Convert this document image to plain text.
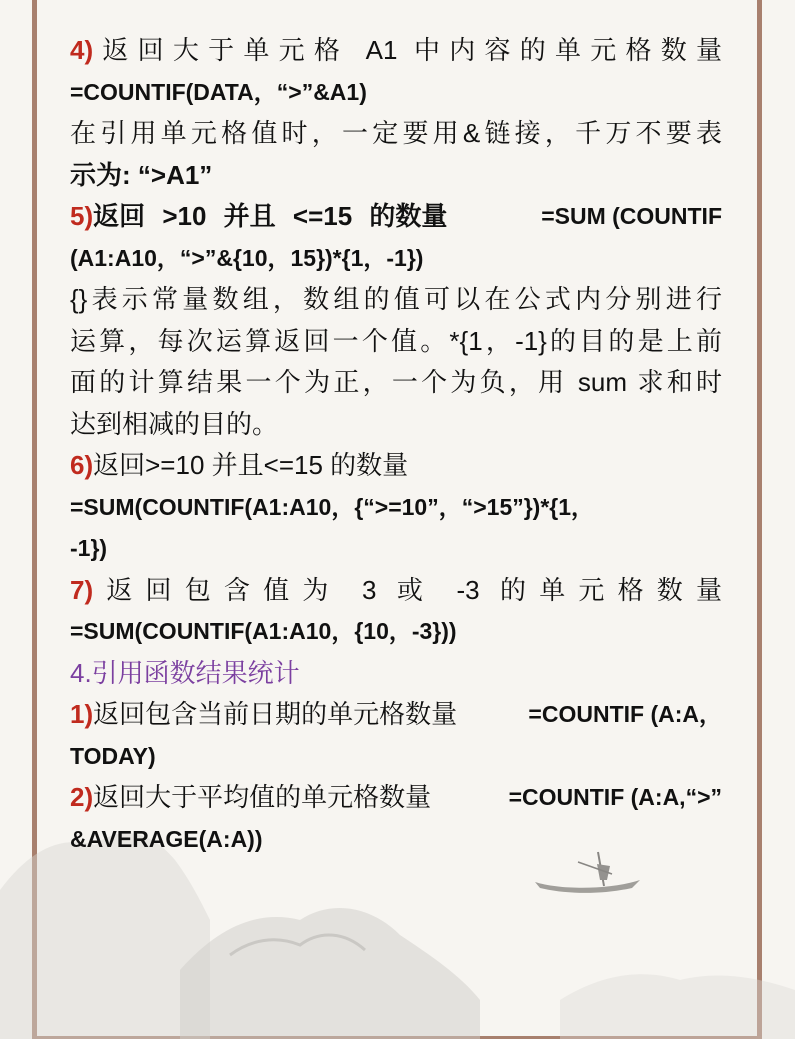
4)返回大于单元格 A1 中内容的单元格数量
=COUNTIF(DATA，“>”&A1)
在引用单元格值时，一定要用&链接，千万不要表
示为: “>A1”
5)返回 >10 并且 <=15 的数量	=SUM (COUNTIF
(A1:A10，“>”&{10，15})*{1，-1})
{}表示常量数组，数组的值可以在公式内分别进行
运算，每次运算返回一个值。*{1，-1}的目的是上前
面的计算结果一个为正，一个为负，用 sum 求和时
达到相减的目的。
6)返回>=10 并且<=15 的数量
=SUM(COUNTIF(A1:A10，{“>=10”，“>15”})*{1，
-1})
7)返回包含值为 3 或 -3 的单元格数量
=SUM(COUNTIF(A1:A10，{10，-3}))
4.引用函数结果统计
1)返回包含当前日期的单元格数量	=COUNTIF (A:A，
TODAY)
2)返回大于平均值的单元格数量	=COUNTIF (A:A,“>”
&AVERAGE(A:A))
